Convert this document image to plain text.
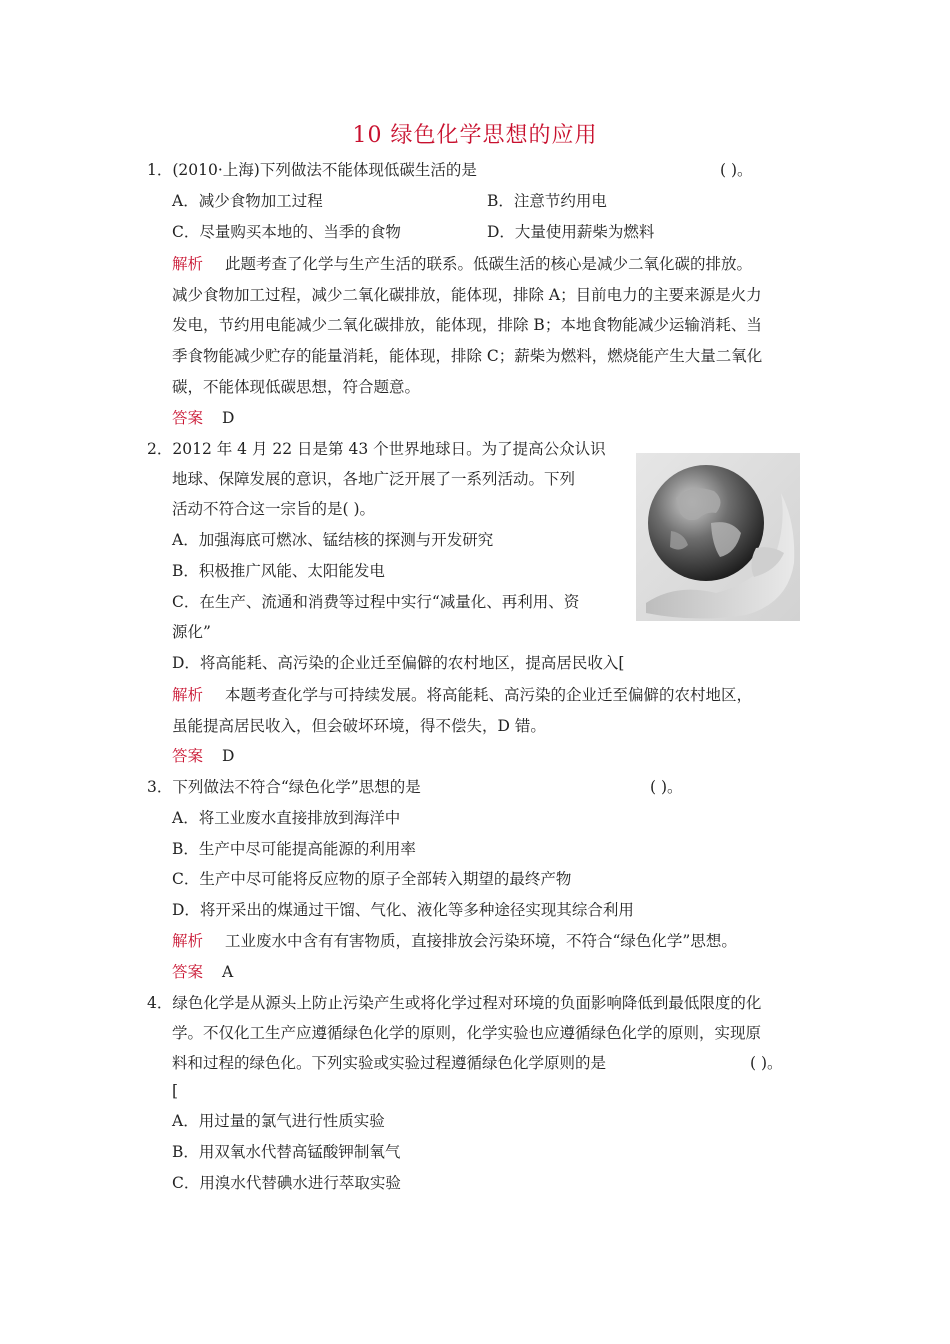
10 绿色化学思想的应用
1．(2010·上海)下列做法不能体现低碳生活的是	( )。
A．减少食物加工过程	B．注意节约用电
C．尽量购买本地的、当季的食物	D．大量使用薪柴为燃料
解析 此题考查了化学与生产生活的联系。低碳生活的核心是减少二氧化碳的排放。
减少食物加工过程，减少二氧化碳排放，能体现，排除 A；目前电力的主要来源是火力
发电，节约用电能减少二氧化碳排放，能体现，排除 B；本地食物能减少运输消耗、当
季食物能减少贮存的能量消耗，能体现，排除 C；薪柴为燃料，燃烧能产生大量二氧化
碳，不能体现低碳思想，符合题意。
答案 D
2．2012 年 4 月 22 日是第 43 个世界地球日。为了提高公众认识
地球、保障发展的意识，各地广泛开展了一系列活动。下列
活动不符合这一宗旨的是( )。
A．加强海底可燃冰、锰结核的探测与开发研究
B．积极推广风能、太阳能发电
C．在生产、流通和消费等过程中实行“减量化、再利用、资
源化”
D．将高能耗、高污染的企业迁至偏僻的农村地区，提高居民收入[
解析 本题考查化学与可持续发展。将高能耗、高污染的企业迁至偏僻的农村地区，
虽能提高居民收入，但会破坏环境，得不偿失，D 错。
答案 D
3．下列做法不符合“绿色化学”思想的是	( )。
A．将工业废水直接排放到海洋中
B．生产中尽可能提高能源的利用率
C．生产中尽可能将反应物的原子全部转入期望的最终产物
D．将开采出的煤通过干馏、气化、液化等多种途径实现其综合利用
解析 工业废水中含有有害物质，直接排放会污染环境，不符合“绿色化学”思想。
答案 A
4．绿色化学是从源头上防止污染产生或将化学过程对环境的负面影响降低到最低限度的化
学。不仅化工生产应遵循绿色化学的原则，化学实验也应遵循绿色化学的原则，实现原
料和过程的绿色化。下列实验或实验过程遵循绿色化学原则的是	( )。
[
A．用过量的氯气进行性质实验
B．用双氧水代替高锰酸钾制氧气
C．用溴水代替碘水进行萃取实验
